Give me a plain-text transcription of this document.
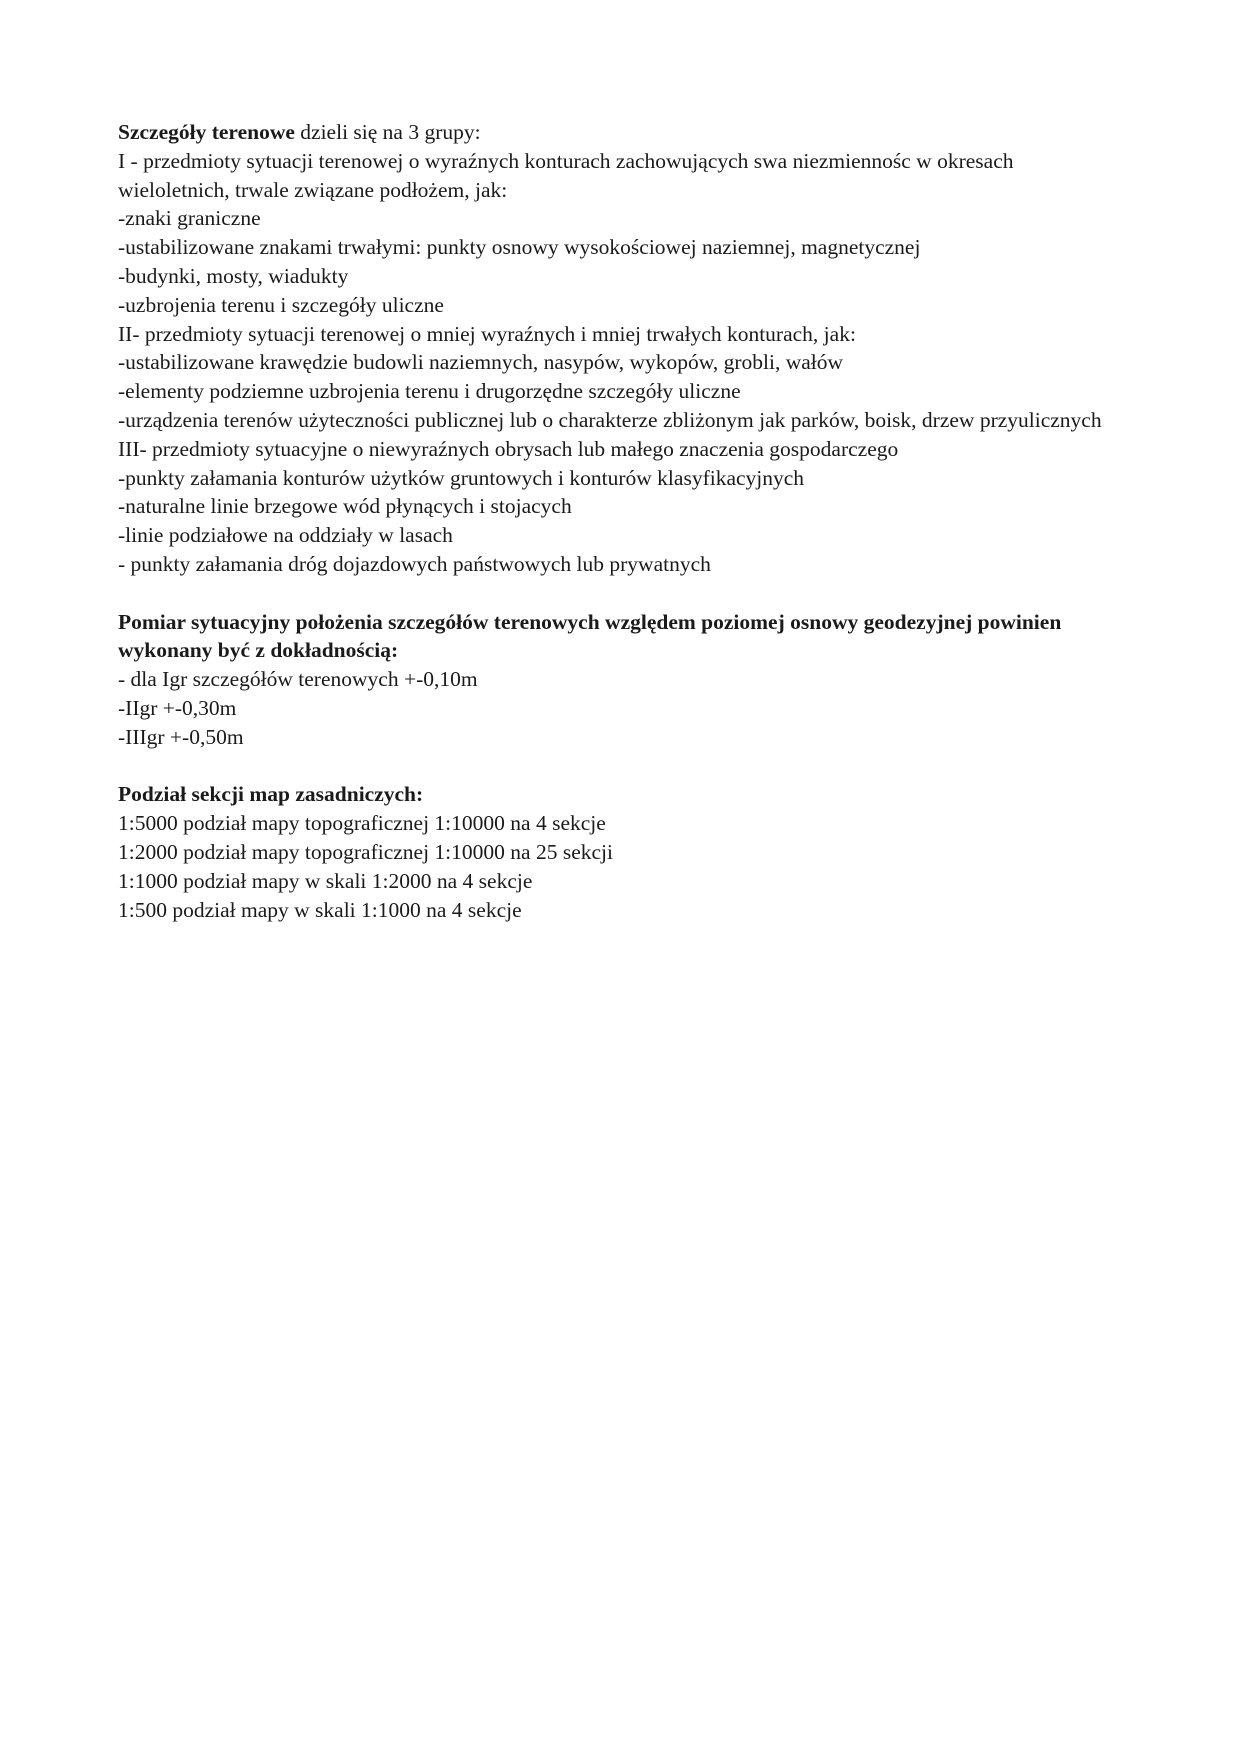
Szczegóły terenowe dzieli się na 3 grupy:

I - przedmioty sytuacji terenowej o wyraźnych konturach zachowujących swa niezmiennośc w okresach wieloletnich, trwale związane podłożem, jak:

-znaki graniczne

-ustabilizowane znakami trwałymi: punkty osnowy wysokościowej naziemnej, magnetycznej

-budynki, mosty, wiadukty

-uzbrojenia terenu i szczegóły uliczne

II- przedmioty sytuacji terenowej o mniej wyraźnych i mniej trwałych konturach, jak:

-ustabilizowane krawędzie budowli naziemnych, nasypów, wykopów, grobli, wałów

-elementy podziemne uzbrojenia terenu i drugorzędne szczegóły uliczne

-urządzenia terenów użyteczności publicznej lub o charakterze zbliżonym jak parków, boisk, drzew przyulicznych

III- przedmioty sytuacyjne o niewyraźnych obrysach lub małego znaczenia gospodarczego

-punkty załamania konturów użytków gruntowych i konturów klasyfikacyjnych

-naturalne linie brzegowe wód płynących i stojacych

-linie podziałowe na oddziały w lasach

- punkty załamania dróg dojazdowych państwowych lub prywatnych

Pomiar sytuacyjny położenia szczegółów terenowych względem poziomej osnowy geodezyjnej powinien wykonany być z dokładnością:

- dla Igr szczegółów terenowych +-0,10m

-IIgr +-0,30m

-IIIgr +-0,50m

Podział sekcji map zasadniczych:

1:5000 podział mapy topograficznej 1:10000 na 4 sekcje

1:2000 podział mapy topograficznej 1:10000 na 25 sekcji

1:1000 podział mapy w skali 1:2000 na 4 sekcje

1:500 podział mapy w skali 1:1000 na 4 sekcje
